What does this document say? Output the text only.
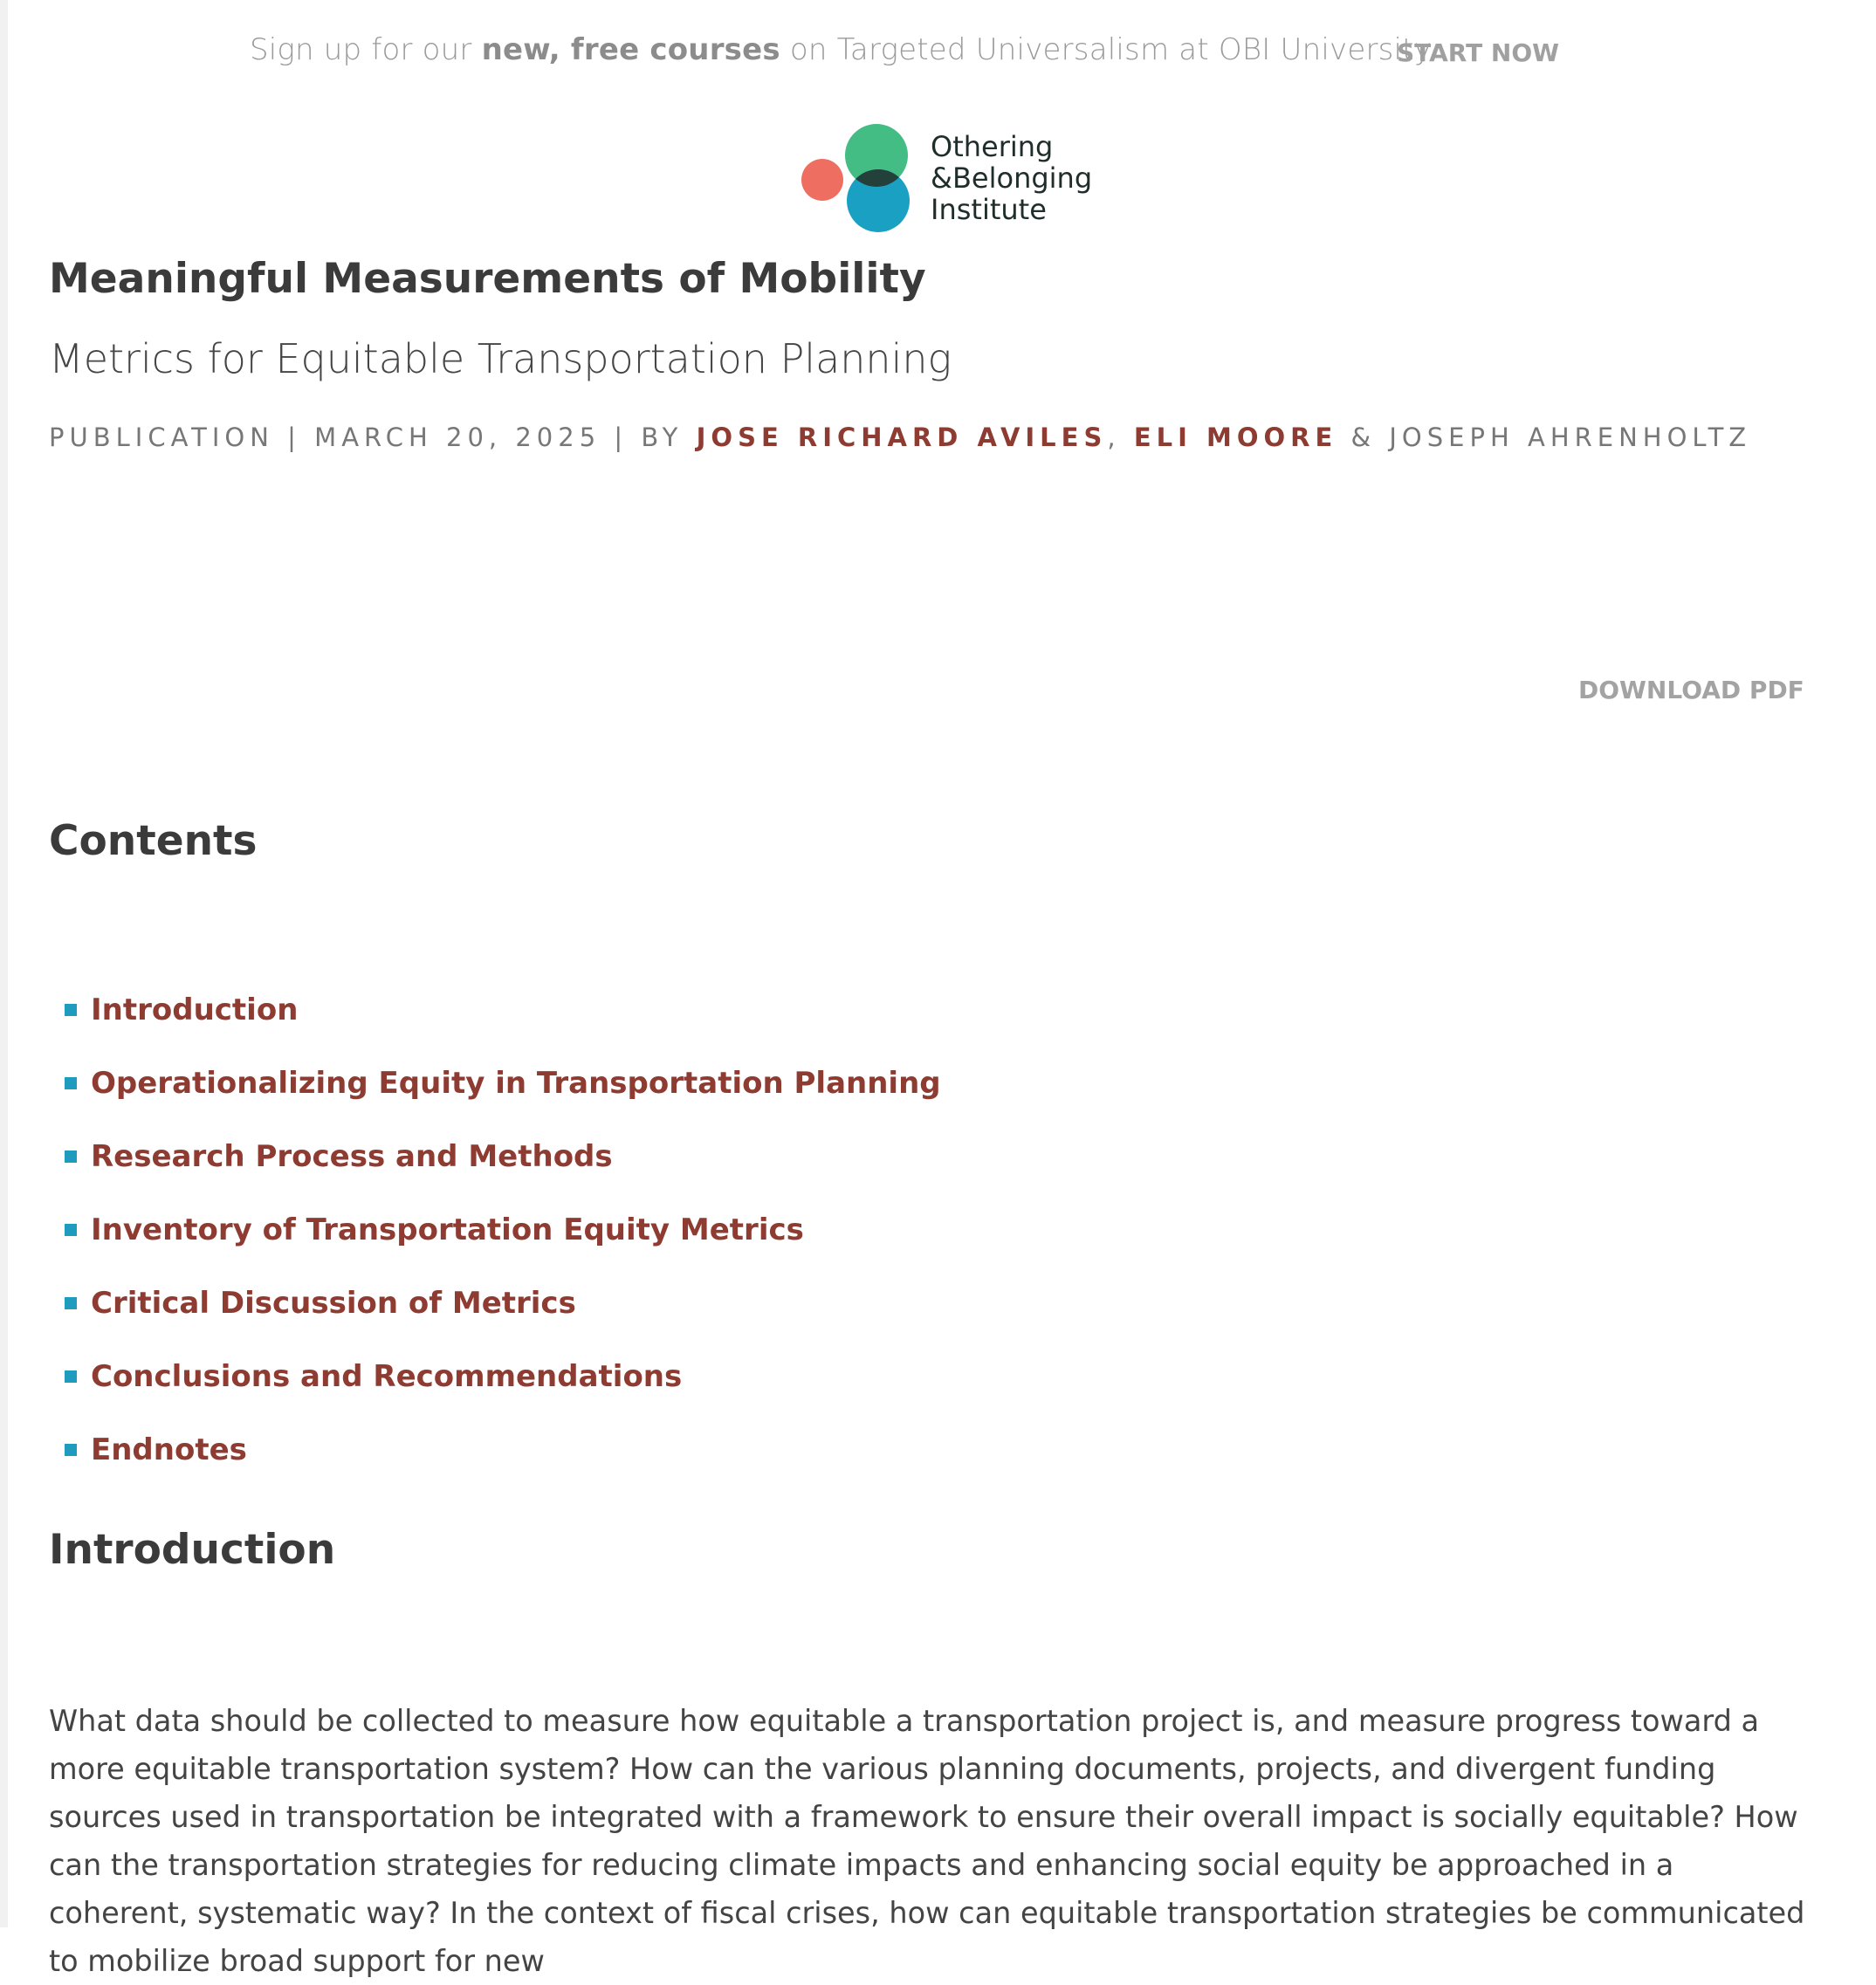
Sign up for our new, free courses on Targeted Universalism at OBI University.
START NOW
Othering
&Belonging
Institute
Meaningful Measurements of Mobility
Metrics for Equitable Transportation Planning
PUBLICATION | MARCH 20, 2025 | BY JOSE RICHARD AVILES, ELI MOORE & JOSEPH AHRENHOLTZ
DOWNLOAD PDF
Contents
Introduction
Operationalizing Equity in Transportation Planning
Research Process and Methods
Inventory of Transportation Equity Metrics
Critical Discussion of Metrics
Conclusions and Recommendations
Endnotes
Introduction

What data should be collected to measure how equitable a transportation project is, and measure progress toward a more equitable transportation system? How can the various planning documents, projects, and divergent funding sources used in transportation be integrated with a framework to ensure their overall impact is socially equitable? How can the transportation strategies for reducing climate impacts and enhancing social equity be approached in a coherent, systematic way? In the context of fiscal crises, how can equitable transportation strategies be communicated to mobilize broad support for new
